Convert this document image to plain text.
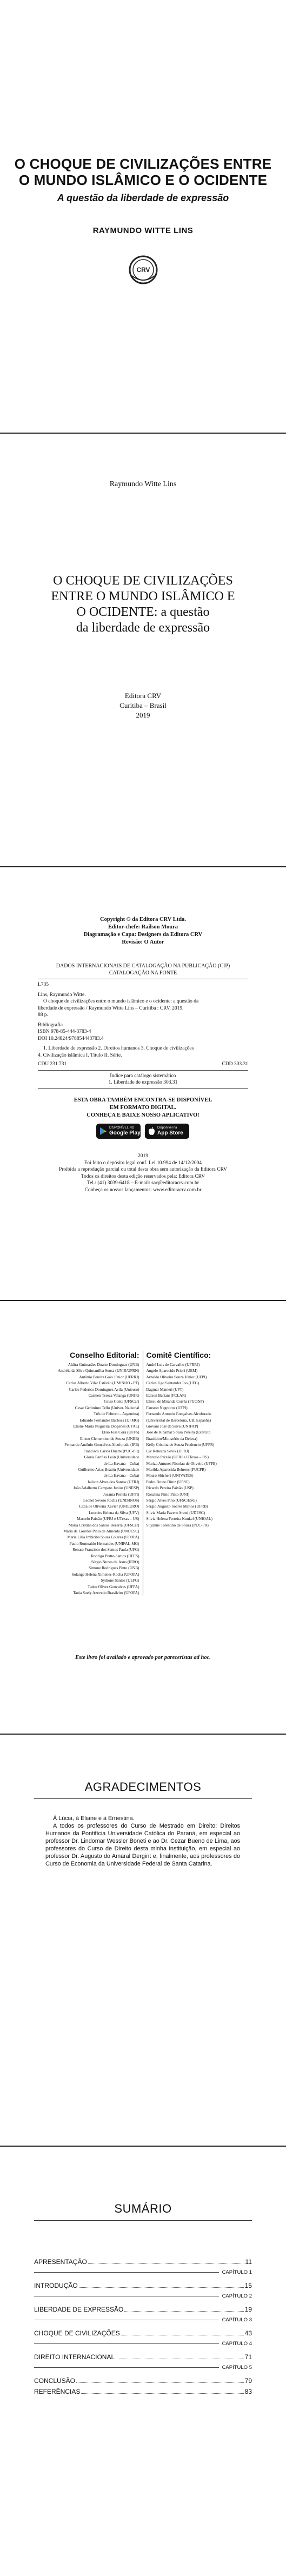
O CHOQUE DE CIVILIZAÇÕES ENTRE
O MUNDO ISLÂMICO E O OCIDENTE
A questão da liberdade de expressão
RAYMUNDO WITTE LINS
CRV
Raymundo Witte Lins
O CHOQUE DE CIVILIZAÇÕES
ENTRE O MUNDO ISLÂMICO E
O OCIDENTE: a questão
da liberdade de expressão
Editora CRV
Curitiba – Brasil
2019
Copyright © da Editora CRV Ltda.
Editor-chefe: Railson Moura
Diagramação e Capa: Designers da Editora CRV
Revisão: O Autor
DADOS INTERNACIONAIS DE CATALOGAÇÃO NA PUBLICAÇÃO (CIP)
CATALOGAÇÃO NA FONTE
L735
Lins, Raymundo Witte.
O choque de civilizações entre o mundo islâmico e o ocidente: a questão da
liberdade de expressão / Raymundo Witte Lins – Curitiba : CRV, 2019.
88 p.
Bibliografia
ISBN 978-85-444-3783-4
DOI 10.24824/978854443783.4
1. Liberdade de expressão 2. Direitos humanos 3. Choque de civilizações
4. Civilização islâmica I. Título II. Série.
CDU 231.731	CDD 303.31
Índice para catálogo sistemático
1. Liberdade de expressão 303.31
ESTA OBRA TAMBÉM ENCONTRA-SE DISPONÍVEL
EM FORMATO DIGITAL.
CONHEÇA E BAIXE NOSSO APLICATIVO!
DISPONÍVEL NO
Google Play
Disponível na
App Store
2019
Foi feito o depósito legal conf. Lei 10.994 de 14/12/2004
Proibida a reprodução parcial ou total desta obra sem autorização da Editora CRV
Todos os direitos desta edição reservados pela: Editora CRV
Tel.: (41) 3039-6418 – E-mail: sac@editoracrv.com.br
Conheça os nossos lançamentos: www.editoracrv.com.br
Conselho Editorial:
Aldira Guimarães Duarte Domínguez (UNB)
Andréia da Silva Quintanilha Sousa (UNIR/UFRN)
Antônio Pereira Gaio Júnior (UFRRJ)
Carlos Alberto Vilar Estêvão (UMINHO - PT)
Carlos Federico Dominguez Avila (Unieuro)
Carmen Tereza Velanga (UNIR)
Celso Conti (UFSCar)
Cesar Gerónimo Tello (Univer. Nacional
Três de Febrero – Argentina)
Eduardo Fernandes Barbosa (UFMG)
Elione Maria Nogueira Diogenes (UFAL)
Élsio José Corá (UFFS)
Elizeu Clementino de Souza (UNEB)
Fernando Antônio Gonçalves Alcoforado (IPB)
Francisco Carlos Duarte (PUC-PR)
Gloria Fariñas León (Universidade
de La Havana – Cuba)
Guillermo Arias Beatón (Universidade
de La Havana – Cuba)
Jailson Alves dos Santos (UFRJ)
João Adalberto Campato Junior (UNESP)
Josania Portela (UFPI)
Leonel Severo Rocha (UNISINOS)
Lídia de Oliveira Xavier (UNIEURO)
Lourdes Helena da Silva (UFV)
Marcelo Paixão (UFRJ e UTexas – US)
Maria Cristina dos Santos Bezerra (UFSCar)
Maria de Lourdes Pinto de Almeida (UNOESC)
Maria Lília Imbiriba Sousa Colares (UFOPA)
Paulo Romualdo Hernandes (UNIFAL-MG)
Renato Francisco dos Santos Paula (UFG)
Rodrigo Pratte-Santos (UFES)
Sérgio Nunes de Jesus (IFRO)
Simone Rodrigues Pinto (UNB)
Solange Helena Ximenes-Rocha (UFOPA)
Sydione Santos (UEPG)
Tadeu Oliver Gonçalves (UFPA)
Tania Suely Azevedo Brasileiro (UFOPA)
Comitê Científico:
André Luis de Carvalho (UFRRJ)
Angelo Aparecido Priori (UEM)
Arnaldo Oliveira Souza Júnior (UFPI)
Carlos Ugo Santander Joo (UFG)
Dagmar Manieri (UFT)
Edison Bariani (FCLAR)
Elizeu de Miranda Corrêa (PUC/SP)
Fauston Negreiros (UFPI)
Fernando Antonio Gonçalves Alcoforado
(Universitat de Barcelona, UB, Espanha)
Giovani José da Silva (UNIFAP)
José de Ribamar Sousa Pereira (Exército
Brasileiro/Ministério da Defesa)
Kelly Cristina de Souza Prudencio (UFPR)
Liv Rebecca Sovik (UFRJ)
Marcelo Paixão (UFRJ e UTexas – US)
Mariza Antunes Nicolau de Oliveira (UFPE)
Marilda Aparecida Behrens (PUCPR)
Mauro Sbicheri (UNIVATES)
Pedro Bruno Diniz (UFSC)
Ricardo Pereira Paixão (USP)
Rosalina Pinto Pinto (UNI)
Sérgio Alves Pino (UFSC/ESG)
Sergio Augusto Soares Mattos (UFRB)
Silvia Maria Favero Arend (UDESC)
Silvia Helena Ferreira Kunkel (UNIOAL)
Suyanne Tolentino de Souza (PUC-PR)
Este livro foi avaliado e aprovado por pareceristas ad hoc.
AGRADECIMENTOS

À Lúcia, à Eliane e à Ernestina.

A todos os professores do Curso de Mestrado em Direito: Direitos Humanos da Pontifícia Universidade Católica do Paraná, em especial ao professor Dr. Lindomar Wessler Boneti e ao Dr. Cezar Bueno de Lima, aos professores do Curso de Direito desta minha instituição, em especial ao professor Dr. Augusto do Amaral Dergint e, finalmente, aos professores do Curso de Economia da Universidade Federal de Santa Catarina.

SUMÁRIO
APRESENTAÇÃO	11
CAPÍTULO 1
INTRODUÇÃO	15
CAPÍTULO 2
LIBERDADE DE EXPRESSÃO	19
CAPÍTULO 3
CHOQUE DE CIVILIZAÇÕES	43
CAPÍTULO 4
DIREITO INTERNACIONAL	71
CAPÍTULO 5
CONCLUSÃO	79
REFERÊNCIAS	83
